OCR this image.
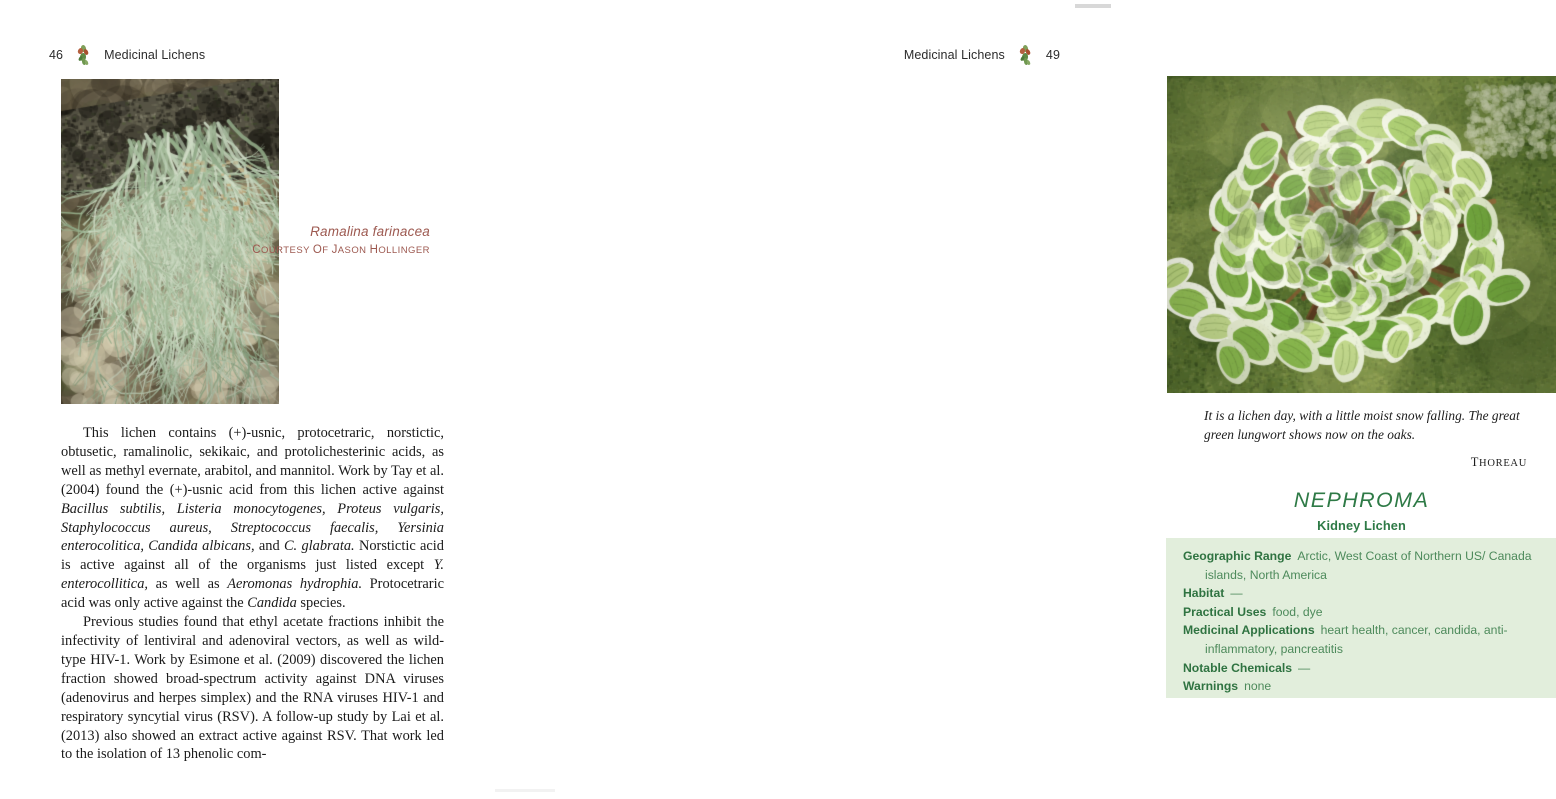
46	Medicinal Lichens
Ramalina farinacea
COURTESY OF JASON HOLLINGER

This lichen contains (+)-usnic, protocetraric, norstictic, obtusetic, ramalinolic, sekikaic, and protolichesterinic acids, as well as methyl evernate, arabitol, and mannitol. Work by Tay et al. (2004) found the (+)-usnic acid from this lichen active against Bacillus subtilis, Listeria monocytogenes, Proteus vulgaris, Staphylococcus aureus, Streptococcus faecalis, Yersinia enterocolitica, Candida albicans, and C. glabrata. Norstictic acid is active against all of the organisms just listed except Y. enterocollitica, as well as Aeromonas hydrophia. Protocetraric acid was only active against the Candida species.

Previous studies found that ethyl acetate fractions inhibit the infectivity of lentiviral and adenoviral vectors, as well as wild-type HIV-1. Work by Esimone et al. (2009) discovered the lichen fraction showed broad-spectrum activity against DNA viruses (adenovirus and herpes simplex) and the RNA viruses HIV-1 and respiratory syncytial virus (RSV). A follow-up study by Lai et al. (2013) also showed an extract active against RSV. That work led to the isolation of 13 phenolic com-

Medicinal Lichens	49

It is a lichen day, with a little moist snow falling. The great green lungwort shows now on the oaks.

THOREAU
NEPHROMA
Kidney Lichen
Geographic Range Arctic, West Coast of Northern US/ Canada islands, North America
Habitat —
Practical Uses food, dye
Medicinal Applications heart health, cancer, candida, anti-inflammatory, pancreatitis
Notable Chemicals —
Warnings none
